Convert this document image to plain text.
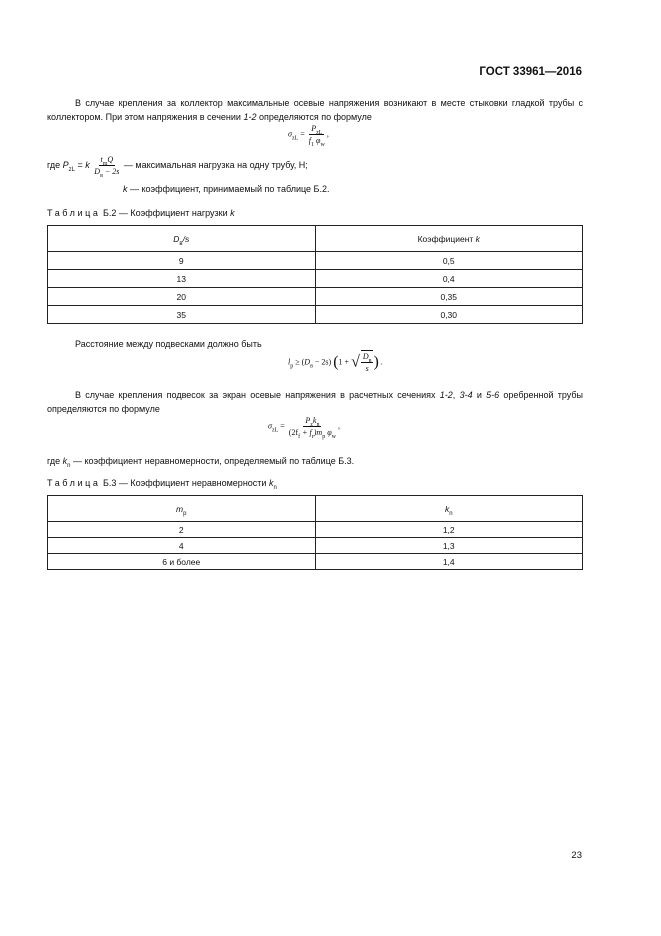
ГОСТ 33961—2016
В случае крепления за коллектор максимальные осевые напряжения возникают в месте стыковки гладкой трубы с коллектором. При этом напряжения в сечении 1-2 определяются по формуле
$\sigma_{zL} = \frac{P_{zL}}{f_1 \varphi_w}$ ,
где $P_{zL} = k \frac{t_mQ}{D_в - 2s}$ — максимальная нагрузка на одну трубу, Н;
k — коэффициент, принимаемый по таблице Б.2.
Таблица Б.2 — Коэффициент нагрузки k
$D_в/s$	Коэффициент k
9	0,5
13	0,4
20	0,35
35	0,30
Расстояние между подвесками должно быть
$l_p \ge (D_в - 2s) (1$ + √ $\frac{D_в}{s}$ ) .
В случае крепления подвесок за экран осевые напряжения в расчетных сечениях 1-2, 3-4 и 5-6 оребренной трубы определяются по формуле
$\sigma_{zL} = \frac{P_zk_n}{(2f_f + f_r)m_p \varphi_w}$ ,
где $k_n$ — коэффициент неравномерности, определяемый по таблице Б.3.
Таблица Б.3 — Коэффициент неравномерности $k_n$
$m_p$	$k_n$
2	1,2
4	1,3
6 и более	1,4
23
